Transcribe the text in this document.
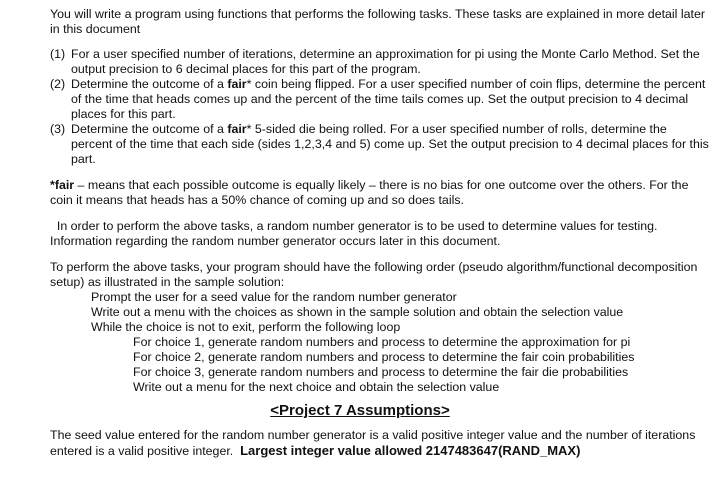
You will write a program using functions that performs the following tasks. These tasks are explained in more detail later in this document

(1) For a user specified number of iterations, determine an approximation for pi using the Monte Carlo Method. Set the output precision to 6 decimal places for this part of the program.
(2) Determine the outcome of a fair* coin being flipped. For a user specified number of coin flips, determine the percent of the time that heads comes up and the percent of the time tails comes up. Set the output precision to 4 decimal places for this part.
(3) Determine the outcome of a fair* 5-sided die being rolled. For a user specified number of rolls, determine the percent of the time that each side (sides 1,2,3,4 and 5) come up. Set the output precision to 4 decimal places for this part.

*fair – means that each possible outcome is equally likely – there is no bias for one outcome over the others. For the coin it means that heads has a 50% chance of coming up and so does tails.

In order to perform the above tasks, a random number generator is to be used to determine values for testing. Information regarding the random number generator occurs later in this document.

To perform the above tasks, your program should have the following order (pseudo algorithm/functional decomposition setup) as illustrated in the sample solution:

Prompt the user for a seed value for the random number generator

Write out a menu with the choices as shown in the sample solution and obtain the selection value

While the choice is not to exit, perform the following loop

For choice 1, generate random numbers and process to determine the approximation for pi

For choice 2, generate random numbers and process to determine the fair coin probabilities

For choice 3, generate random numbers and process to determine the fair die probabilities

Write out a menu for the next choice and obtain the selection value

<Project 7 Assumptions>

The seed value entered for the random number generator is a valid positive integer value and the number of iterations entered is a valid positive integer.  Largest integer value allowed 2147483647(RAND_MAX)
